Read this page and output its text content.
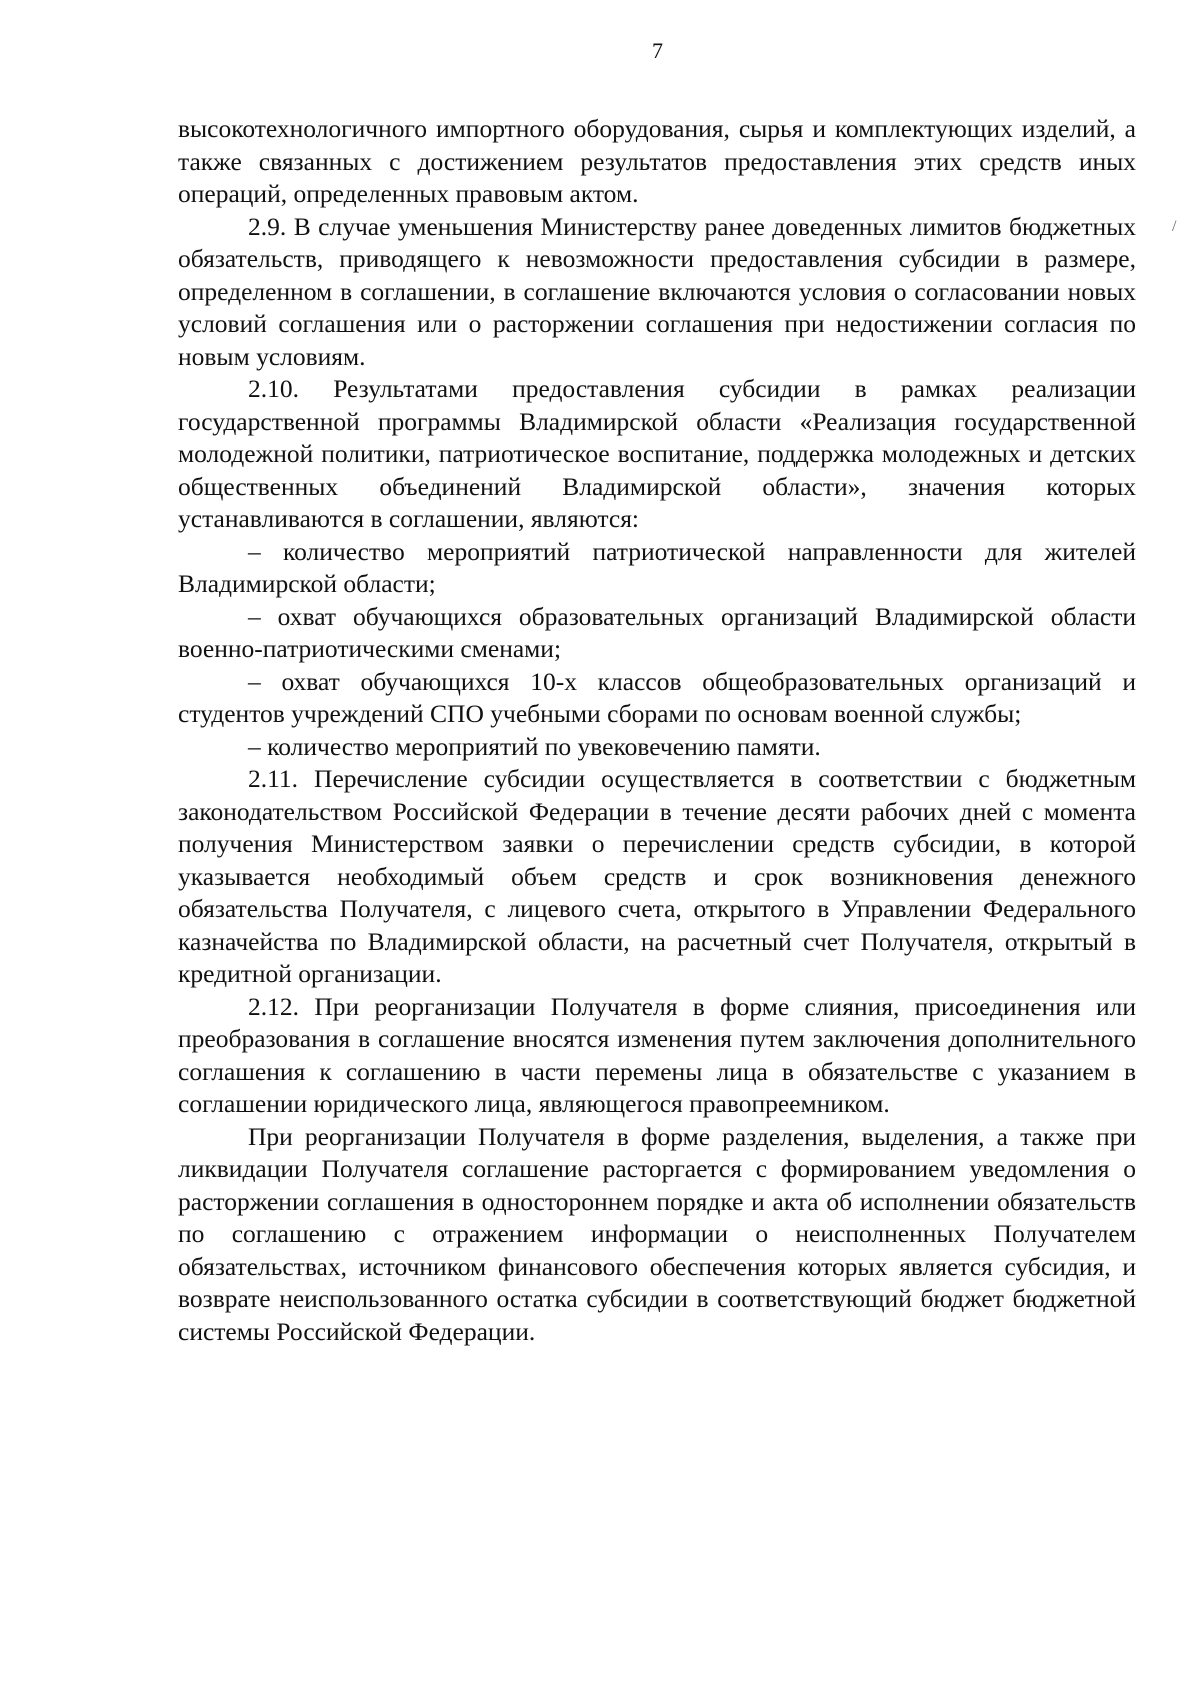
7
/

высокотехнологичного импортного оборудования, сырья и комплектующих изделий, а также связанных с достижением результатов предоставления этих средств иных операций, определенных правовым актом.

2.9. В случае уменьшения Министерству ранее доведенных лимитов бюджетных обязательств, приводящего к невозможности предоставления субсидии в размере, определенном в соглашении, в соглашение включаются условия о согласовании новых условий соглашения или о расторжении соглашения при недостижении согласия по новым условиям.

2.10. Результатами предоставления субсидии в рамках реализации государственной программы Владимирской области «Реализация государственной молодежной политики, патриотическое воспитание, поддержка молодежных и детских общественных объединений Владимирской области», значения которых устанавливаются в соглашении, являются:

– количество мероприятий патриотической направленности для жителей Владимирской области;

– охват обучающихся образовательных организаций Владимирской области военно-патриотическими сменами;

– охват обучающихся 10-х классов общеобразовательных организаций и студентов учреждений СПО учебными сборами по основам военной службы;

– количество мероприятий по увековечению памяти.

2.11. Перечисление субсидии осуществляется в соответствии с бюджетным законодательством Российской Федерации в течение десяти рабочих дней с момента получения Министерством заявки о перечислении средств субсидии, в которой указывается необходимый объем средств и срок возникновения денежного обязательства Получателя, с лицевого счета, открытого в Управлении Федерального казначейства по Владимирской области, на расчетный счет Получателя, открытый в кредитной организации.

2.12. При реорганизации Получателя в форме слияния, присоединения или преобразования в соглашение вносятся изменения путем заключения дополнительного соглашения к соглашению в части перемены лица в обязательстве с указанием в соглашении юридического лица, являющегося правопреемником.

При реорганизации Получателя в форме разделения, выделения, а также при ликвидации Получателя соглашение расторгается с формированием уведомления о расторжении соглашения в одностороннем порядке и акта об исполнении обязательств по соглашению с отражением информации о неисполненных Получателем обязательствах, источником финансового обеспечения которых является субсидия, и возврате неиспользованного остатка субсидии в соответствующий бюджет бюджетной системы Российской Федерации.
